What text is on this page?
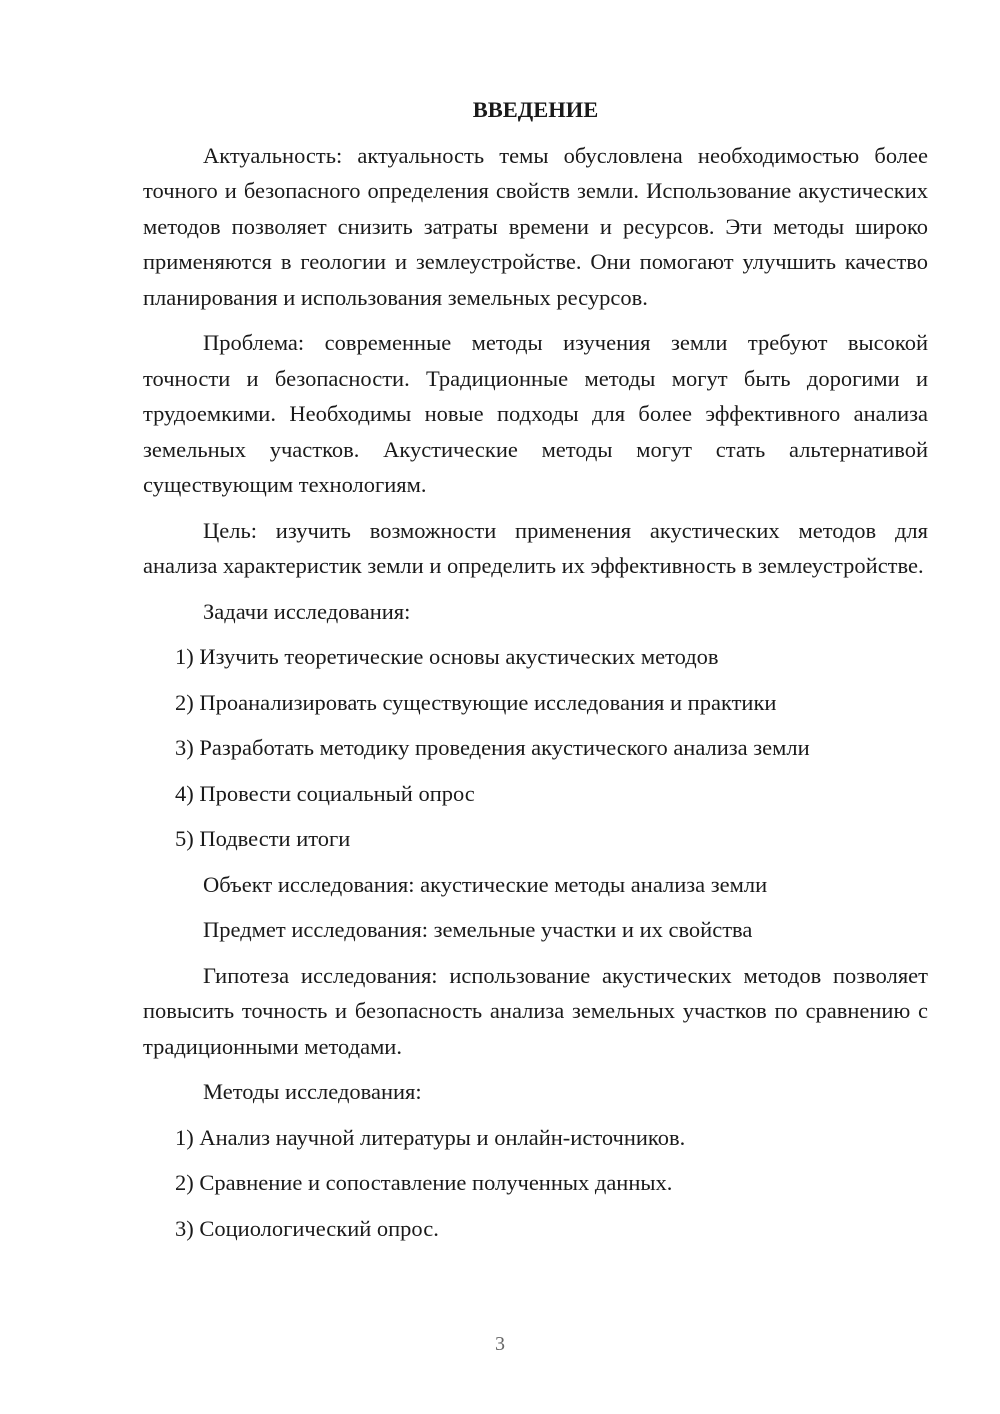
ВВЕДЕНИЕ

Актуальность: актуальность темы обусловлена необходимостью более точного и безопасного определения свойств земли. Использование акустических методов позволяет снизить затраты времени и ресурсов. Эти методы широко применяются в геологии и землеустройстве. Они помогают улучшить качество планирования и использования земельных ресурсов.

Проблема: современные методы изучения земли требуют высокой точности и безопасности. Традиционные методы могут быть дорогими и трудоемкими. Необходимы новые подходы для более эффективного анализа земельных участков. Акустические методы могут стать альтернативой существующим технологиям.

Цель: изучить возможности применения акустических методов для анализа характеристик земли и определить их эффективность в землеустройстве.

Задачи исследования:

1) Изучить теоретические основы акустических методов

2) Проанализировать существующие исследования и практики

3) Разработать методику проведения акустического анализа земли

4) Провести социальный опрос

5) Подвести итоги

Объект исследования: акустические методы анализа земли

Предмет исследования: земельные участки и их свойства

Гипотеза исследования: использование акустических методов позволяет повысить точность и безопасность анализа земельных участков по сравнению с традиционными методами.

Методы исследования:

1) Анализ научной литературы и онлайн-источников.

2) Сравнение и сопоставление полученных данных.

3) Социологический опрос.

3
